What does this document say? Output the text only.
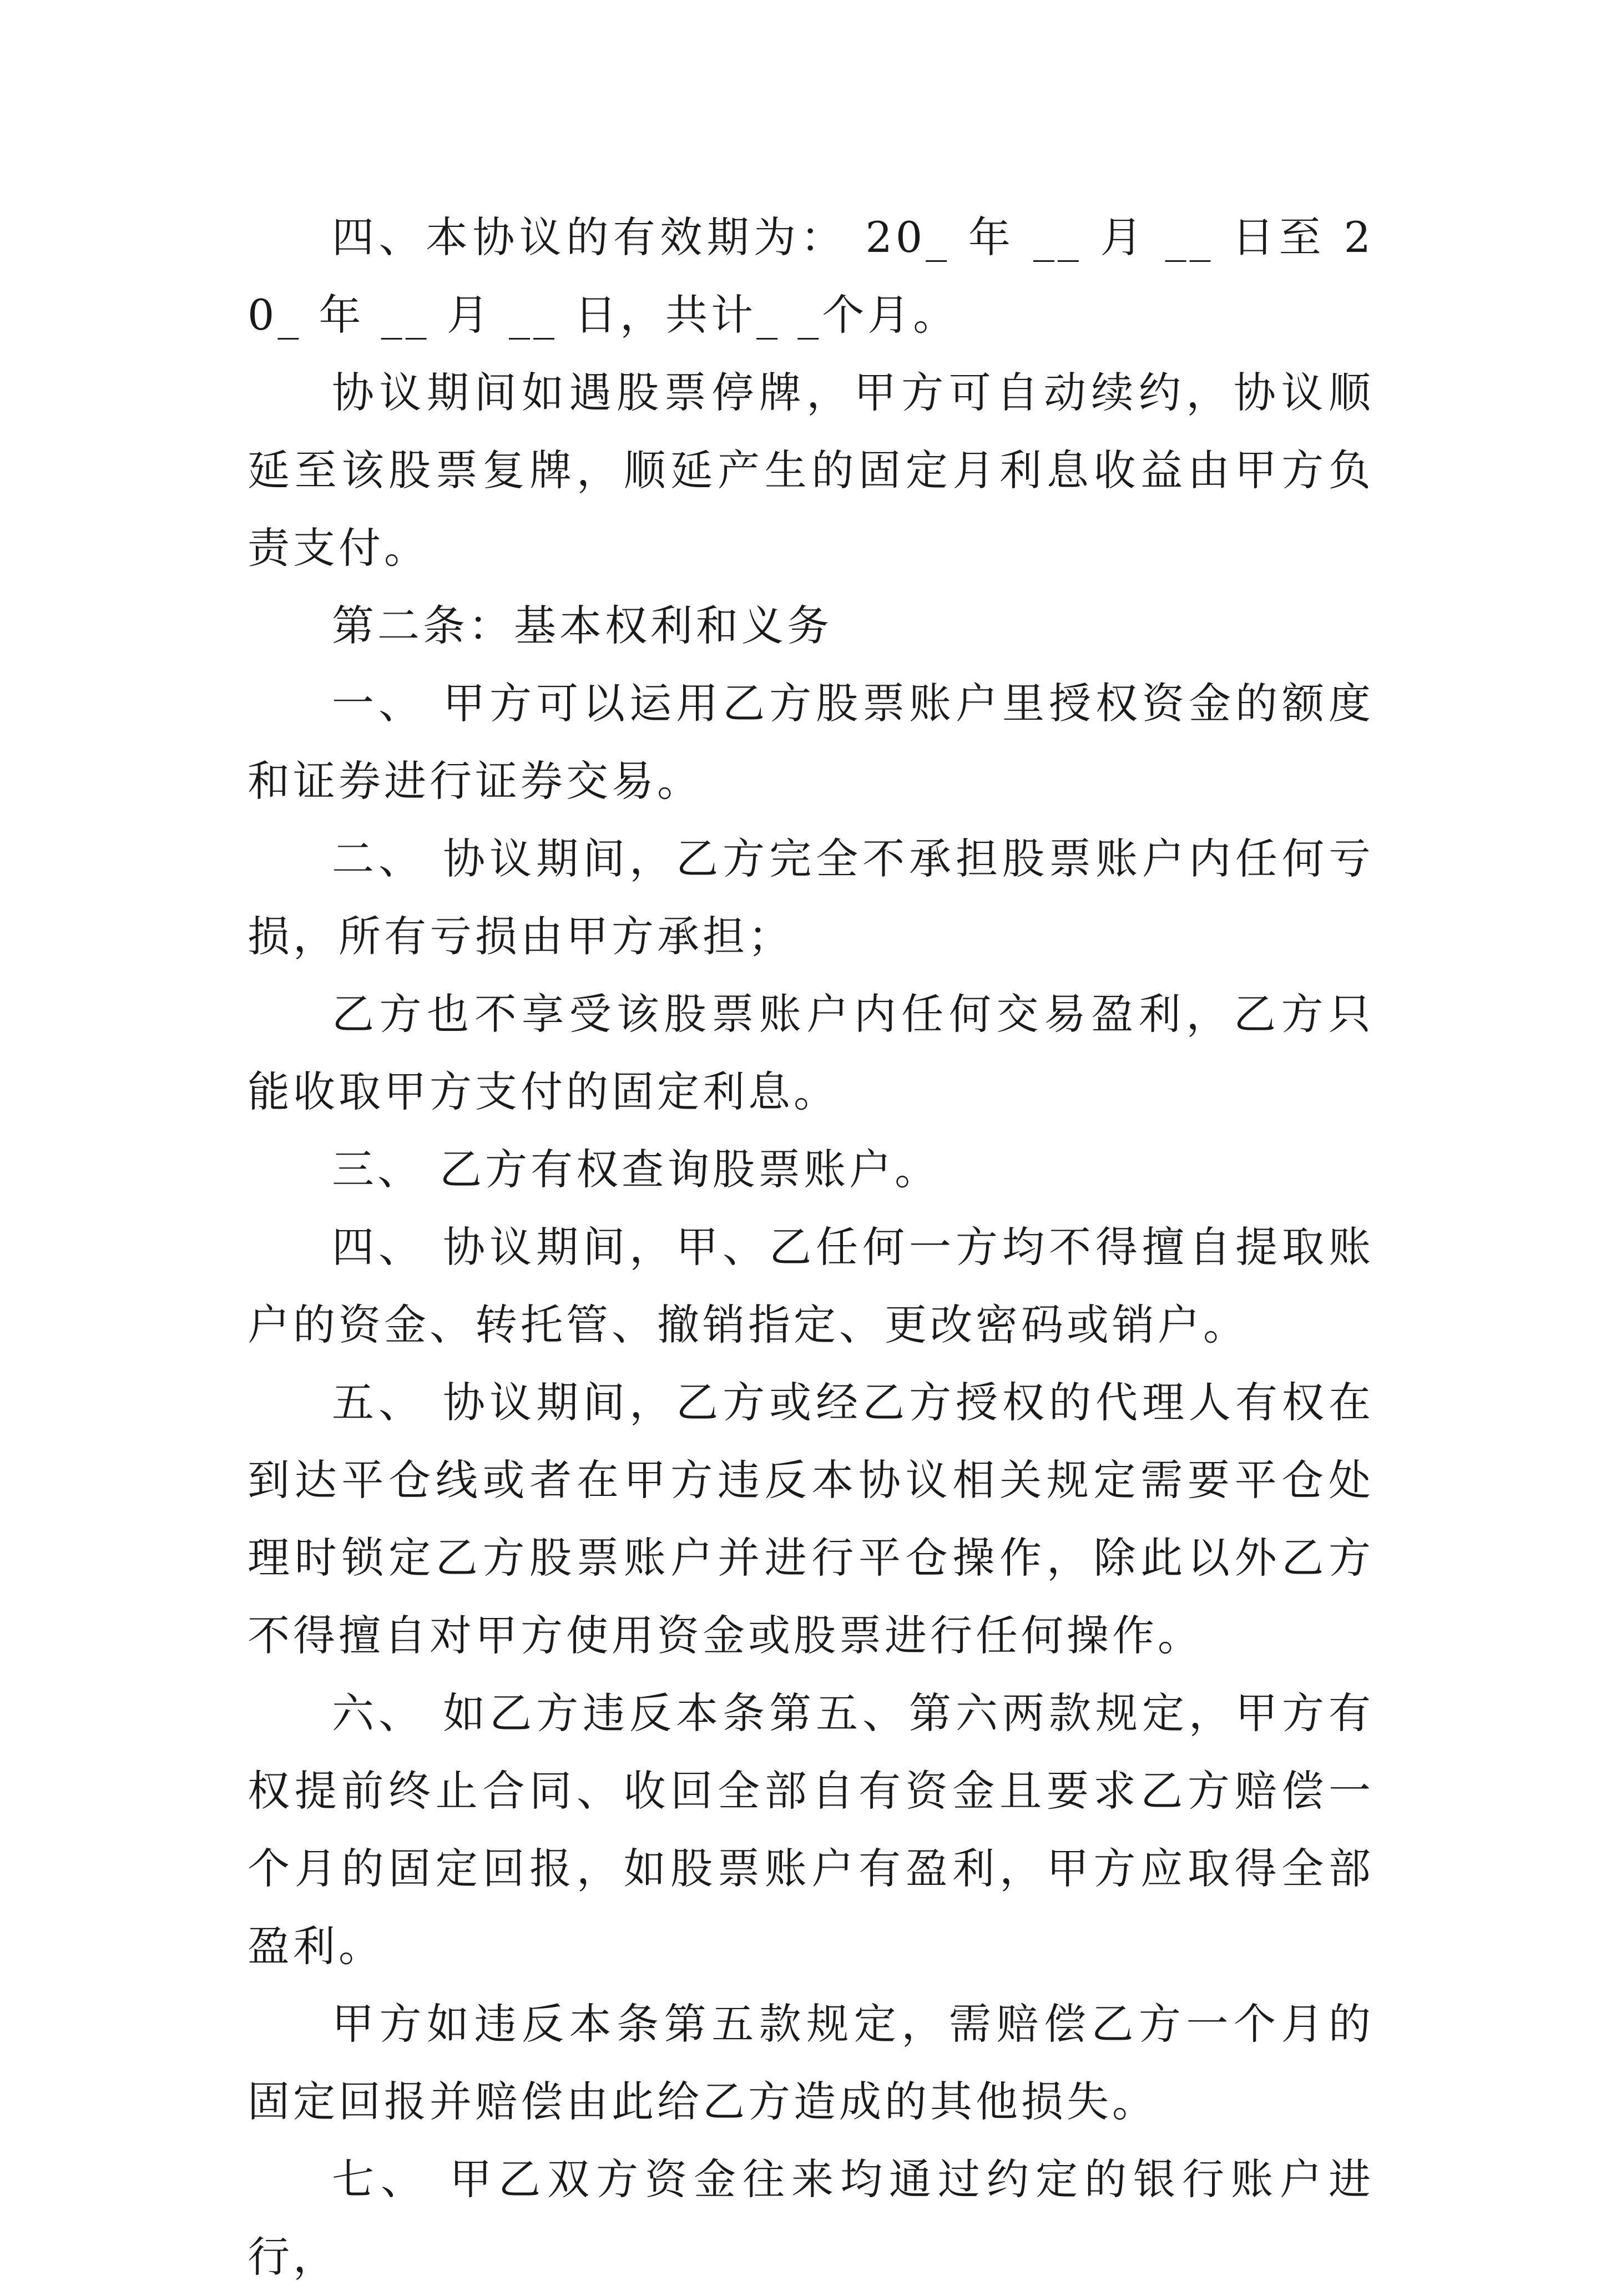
四、本协议的有效期为： 20_ 年 __ 月 __ 日至 20_ 年 __ 月 __ 日，共计_ _个月。

协议期间如遇股票停牌，甲方可自动续约，协议顺延至该股票复牌，顺延产生的固定月利息收益由甲方负责支付。

第二条：基本权利和义务

一、 甲方可以运用乙方股票账户里授权资金的额度和证券进行证券交易。

二、 协议期间，乙方完全不承担股票账户内任何亏损，所有亏损由甲方承担；

乙方也不享受该股票账户内任何交易盈利，乙方只能收取甲方支付的固定利息。

三、 乙方有权查询股票账户。

四、 协议期间，甲、乙任何一方均不得擅自提取账户的资金、转托管、撤销指定、更改密码或销户。

五、 协议期间，乙方或经乙方授权的代理人有权在到达平仓线或者在甲方违反本协议相关规定需要平仓处理时锁定乙方股票账户并进行平仓操作，除此以外乙方不得擅自对甲方使用资金或股票进行任何操作。

六、 如乙方违反本条第五、第六两款规定，甲方有权提前终止合同、收回全部自有资金且要求乙方赔偿一个月的固定回报，如股票账户有盈利，甲方应取得全部盈利。

甲方如违反本条第五款规定，需赔偿乙方一个月的固定回报并赔偿由此给乙方造成的其他损失。

七、 甲乙双方资金往来均通过约定的银行账户进行，
